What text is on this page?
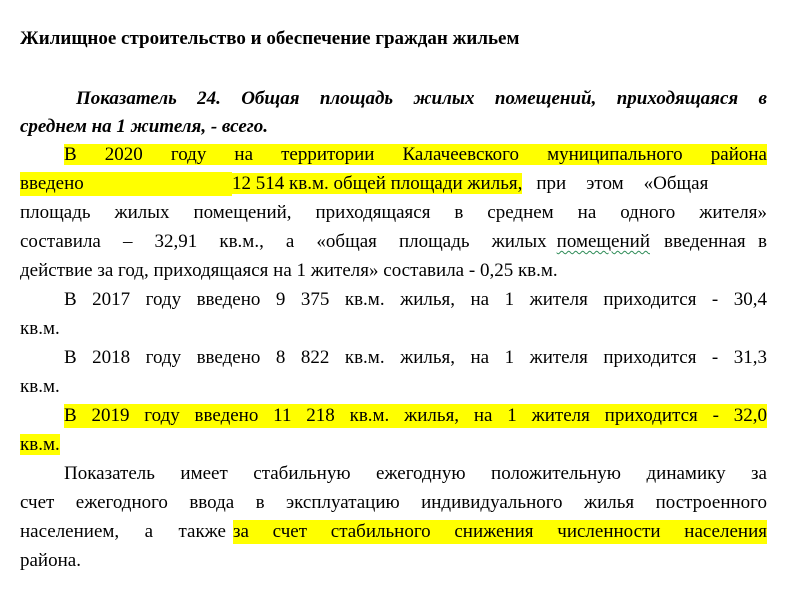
Жилищное строительство и обеспечение граждан жильем
Показатель 24. Общая площадь жилых помещений, приходящаяся в
среднем на 1 жителя, - всего.
В 2020 году на территории Калачеевского муниципального района
введено	12 514 кв.м. общей площади жилья, при этом «Общая
площадь жилых помещений, приходящаяся в среднем на одного жителя»
составила – 32,91 кв.м., а «общая площадь жилых помещений введенная в
действие за год, приходящаяся на 1 жителя» составила - 0,25 кв.м.
В 2017 году введено 9 375 кв.м. жилья, на 1 жителя приходится - 30,4
кв.м.
В 2018 году введено 8 822 кв.м. жилья, на 1 жителя приходится - 31,3
кв.м.
В 2019 году введено 11 218 кв.м. жилья, на 1 жителя приходится - 32,0
кв.м.
Показатель имеет стабильную ежегодную положительную динамику за
счет ежегодного ввода в эксплуатацию индивидуального жилья построенного
населением, а также за счет стабильного снижения численности населения
района.
